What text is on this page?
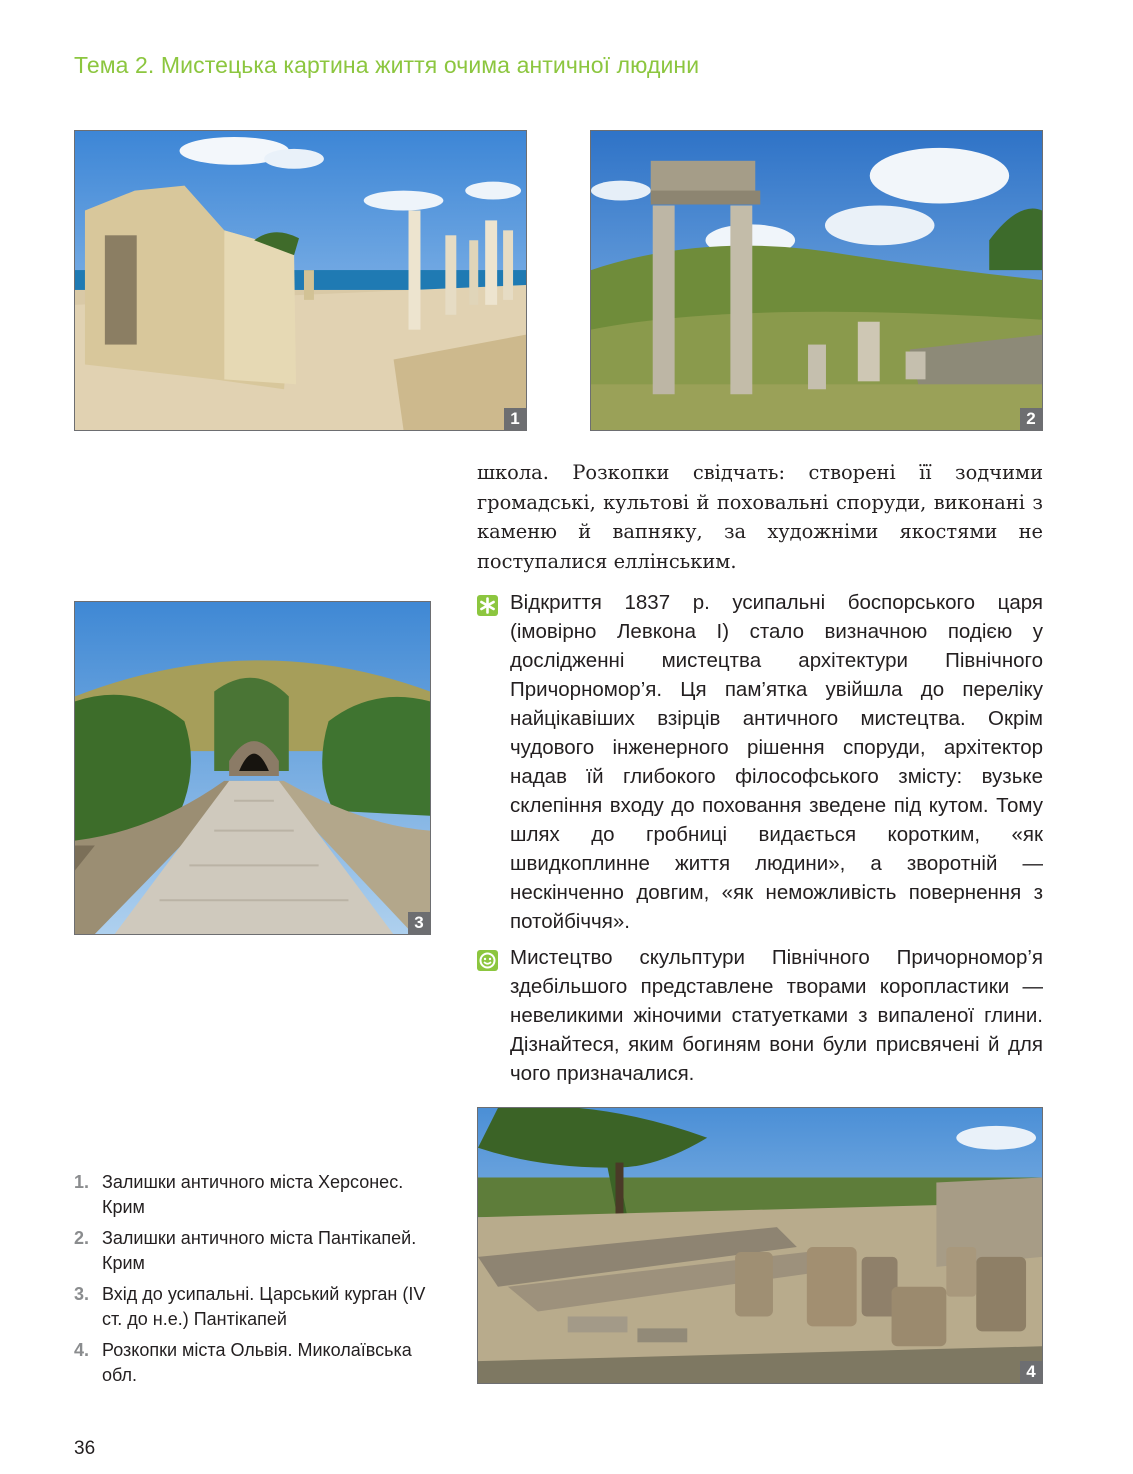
Тема 2. Мистецька картина життя очима античної людини
1	2
школа. Розкопки свідчать: створені її зодчими громадські, культові й поховальні споруди, виконані з каменю й вапняку, за художніми якостями не поступалися еллінським.
3
Відкриття 1837 р. усипальні боспорського царя (імовірно Левкона І) стало визначною подією у дослідженні мистецтва архітектури Північного Причорномор’я. Ця пам’ятка увійшла до переліку найцікавіших взірців античного мистецтва. Окрім чудового інженерного рішення споруди, архітектор надав їй глибокого філософського змісту: вузьке склепіння входу до поховання зведене під кутом. Тому шлях до гробниці видається коротким, «як швидкоплинне життя людини», а зворотній — нескінченно довгим, «як неможливість повернення з потойбіччя».
Мистецтво скульптури Північного Причорномор’я здебільшого представлене творами коропластики — невеликими жіночими статуетками з випаленої глини. Дізнайтеся, яким богиням вони були присвячені й для чого призначалися.
4
1. Залишки античного міста Херсонес. Крим
2. Залишки античного міста Пантікапей. Крим
3. Вхід до усипальні. Царський курган (IV ст. до н.е.) Пантікапей
4. Розкопки міста Ольвія. Миколаївська обл.
36
